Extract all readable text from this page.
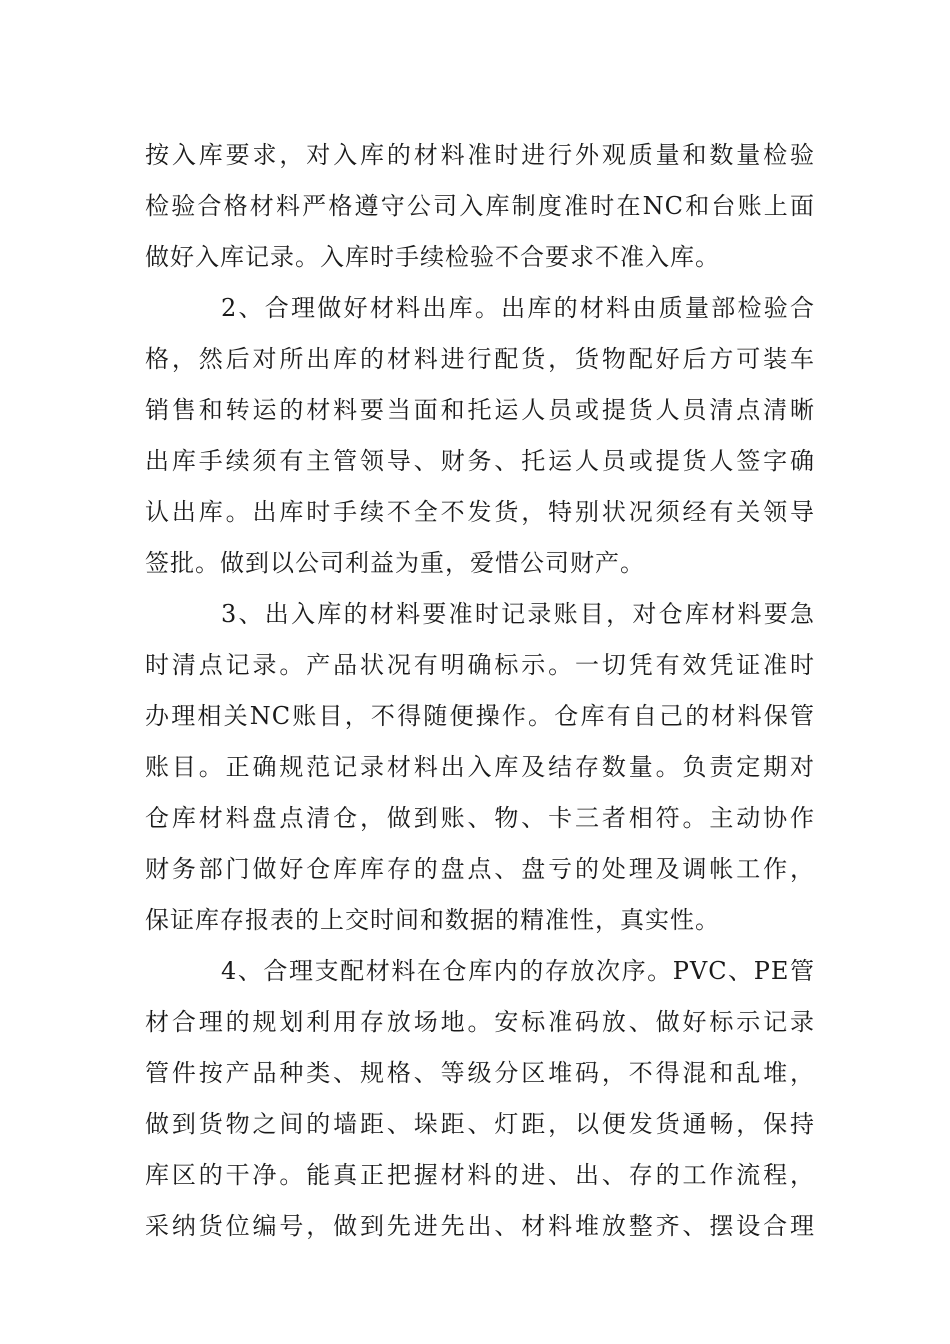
按入库要求，对入库的材料准时进行外观质量和数量检验
检验合格材料严格遵守公司入库制度准时在NC和台账上面
做好入库记录。入库时手续检验不合要求不准入库。
2、合理做好材料出库。出库的材料由质量部检验合
格，然后对所出库的材料进行配货，货物配好后方可装车
销售和转运的材料要当面和托运人员或提货人员清点清晰
出库手续须有主管领导、财务、托运人员或提货人签字确
认出库。出库时手续不全不发货，特别状况须经有关领导
签批。做到以公司利益为重，爱惜公司财产。
3、出入库的材料要准时记录账目，对仓库材料要急
时清点记录。产品状况有明确标示。一切凭有效凭证准时
办理相关NC账目，不得随便操作。仓库有自己的材料保管
账目。正确规范记录材料出入库及结存数量。负责定期对
仓库材料盘点清仓，做到账、物、卡三者相符。主动协作
财务部门做好仓库库存的盘点、盘亏的处理及调帐工作，
保证库存报表的上交时间和数据的精准性，真实性。
4、合理支配材料在仓库内的存放次序。PVC、PE管
材合理的规划利用存放场地。安标准码放、做好标示记录
管件按产品种类、规格、等级分区堆码，不得混和乱堆，
做到货物之间的墙距、垛距、灯距，以便发货通畅，保持
库区的干净。能真正把握材料的进、出、存的工作流程，
采纳货位编号，做到先进先出、材料堆放整齐、摆设合理
